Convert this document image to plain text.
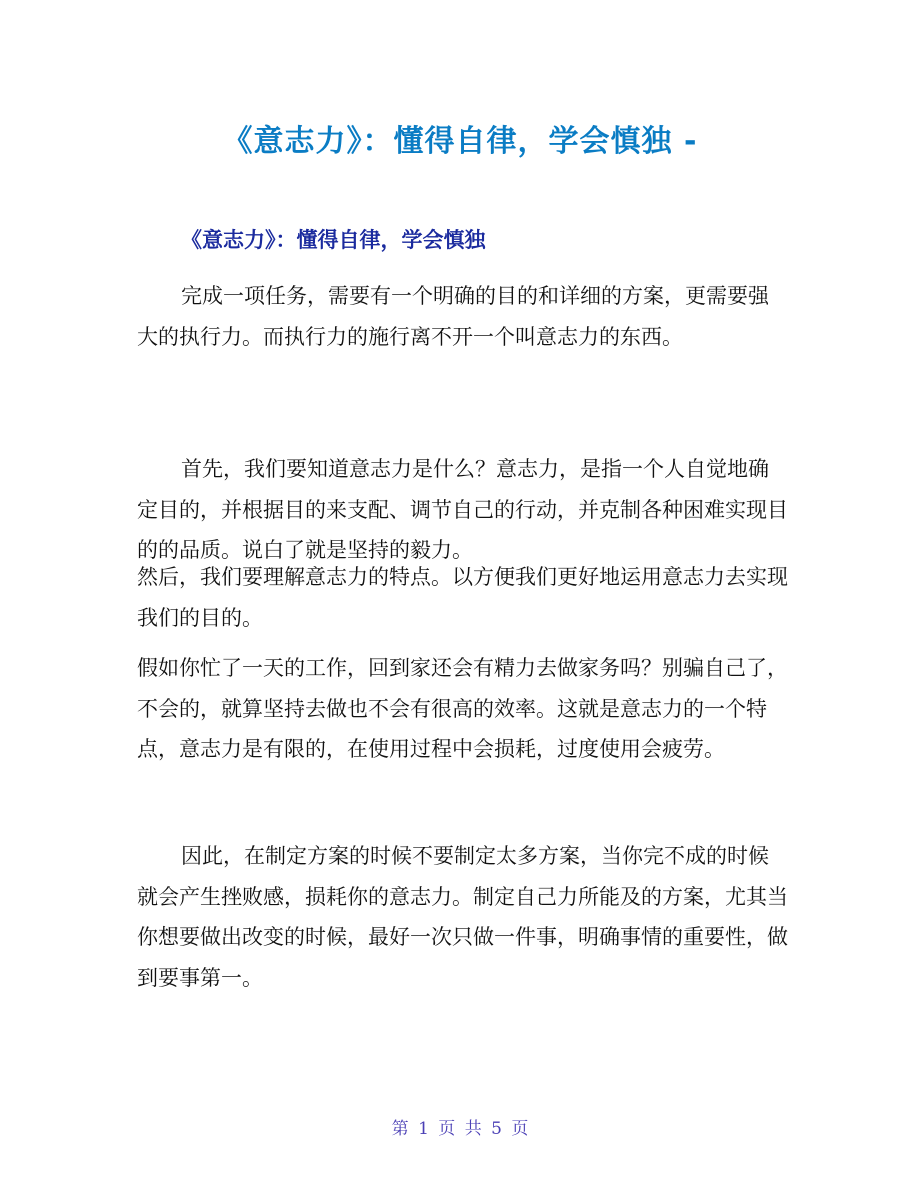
《意志力》：懂得自律，学会慎独 -
《意志力》：懂得自律，学会慎独

完成一项任务，需要有一个明确的目的和详细的方案，更需要强大的执行力。而执行力的施行离不开一个叫意志力的东西。

首先，我们要知道意志力是什么？意志力，是指一个人自觉地确定目的，并根据目的来支配、调节自己的行动，并克制各种困难实现目的的品质。说白了就是坚持的毅力。

然后，我们要理解意志力的特点。以方便我们更好地运用意志力去实现我们的目的。

假如你忙了一天的工作，回到家还会有精力去做家务吗？别骗自己了，不会的，就算坚持去做也不会有很高的效率。这就是意志力的一个特点，意志力是有限的，在使用过程中会损耗，过度使用会疲劳。

因此，在制定方案的时候不要制定太多方案，当你完不成的时候就会产生挫败感，损耗你的意志力。制定自己力所能及的方案，尤其当你想要做出改变的时候，最好一次只做一件事，明确事情的重要性，做到要事第一。

第 1 页 共 5 页
